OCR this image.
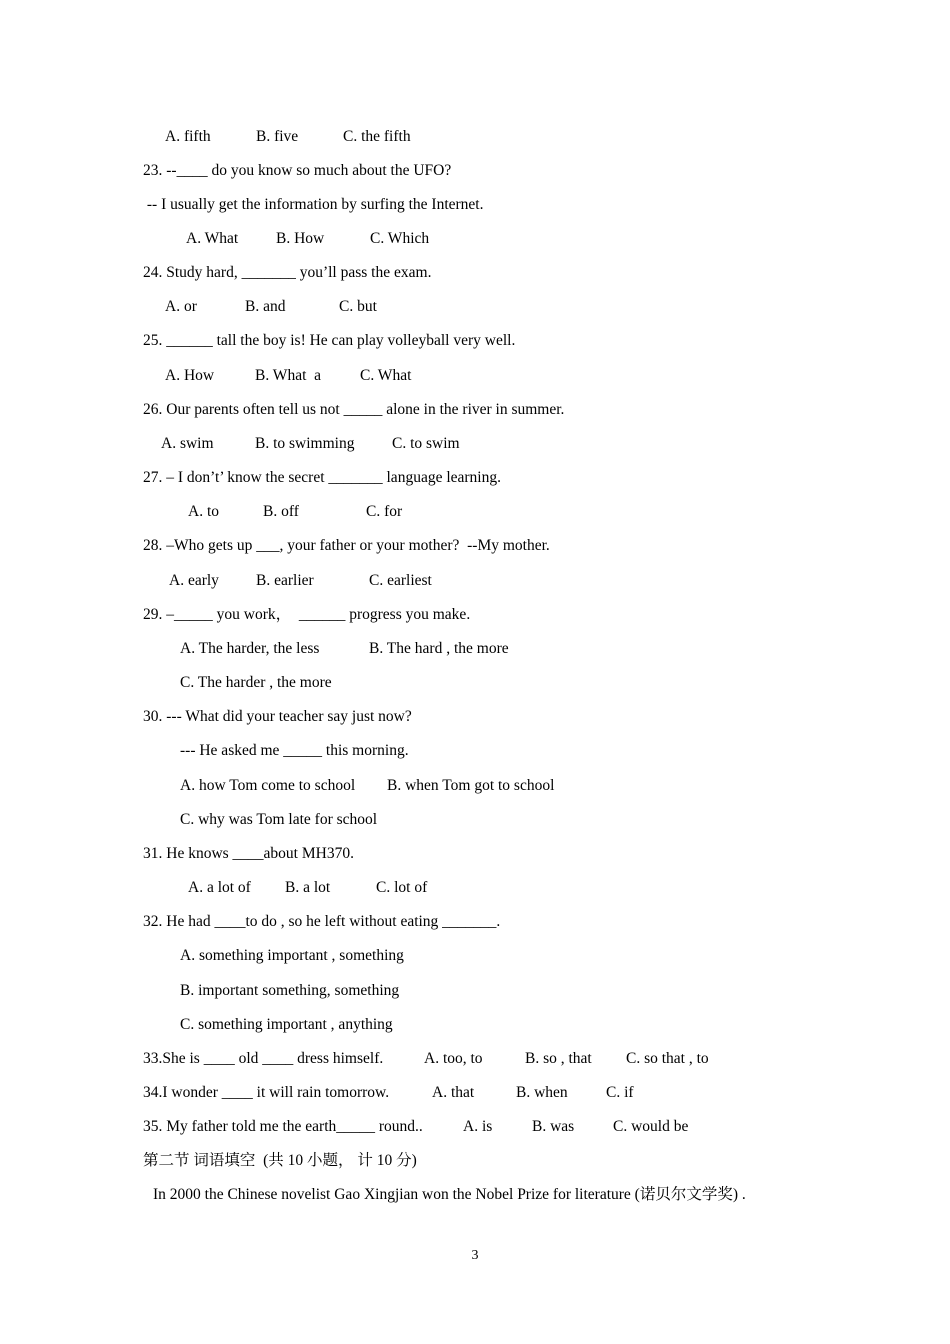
A. fifth	B. five	C. the fifth
23. --____ do you know so much about the UFO?
-- I usually get the information by surfing the Internet.
A. What B. How	C. Which
24. Study hard, _______ you’ll pass the exam.
A. or	B. and	C. but
25. ______ tall the boy is! He can play volleyball very well.
A. How	B. What  a	C. What
26. Our parents often tell us not _____ alone in the river in summer.
A. swim	B. to swimming C. to swim
27. – I don’t’ know the secret _______ language learning.
A. to	B. off	C. for
28. –Who gets up ___, your father or your mother?  --My mother.
A. early B. earlier	C. earliest
29. –_____ you work，  ______ progress you make.
A. The harder, the less	B. The hard , the more
C. The harder , the more
30. --- What did your teacher say just now?
--- He asked me _____ this morning.
A. how Tom come to school B. when Tom got to school
C. why was Tom late for school
31. He knows ____about MH370.
A. a lot of B. a lot	C. lot of
32. He had ____to do , so he left without eating _______.
A. something important , something
B. important something, something
C. something important , anything
33.She is ____ old ____ dress himself.	A. too, to	B. so , that C. so that , to
34.I wonder ____ it will rain tomorrow.	A. that	B. when C. if
35. My father told me the earth_____ round..	A. is	B. was	C. would be
第二节 词语填空  (共 10 小题， 计 10 分)
In 2000 the Chinese novelist Gao Xingjian won the Nobel Prize for literature (诺贝尔文学奖) .
3
